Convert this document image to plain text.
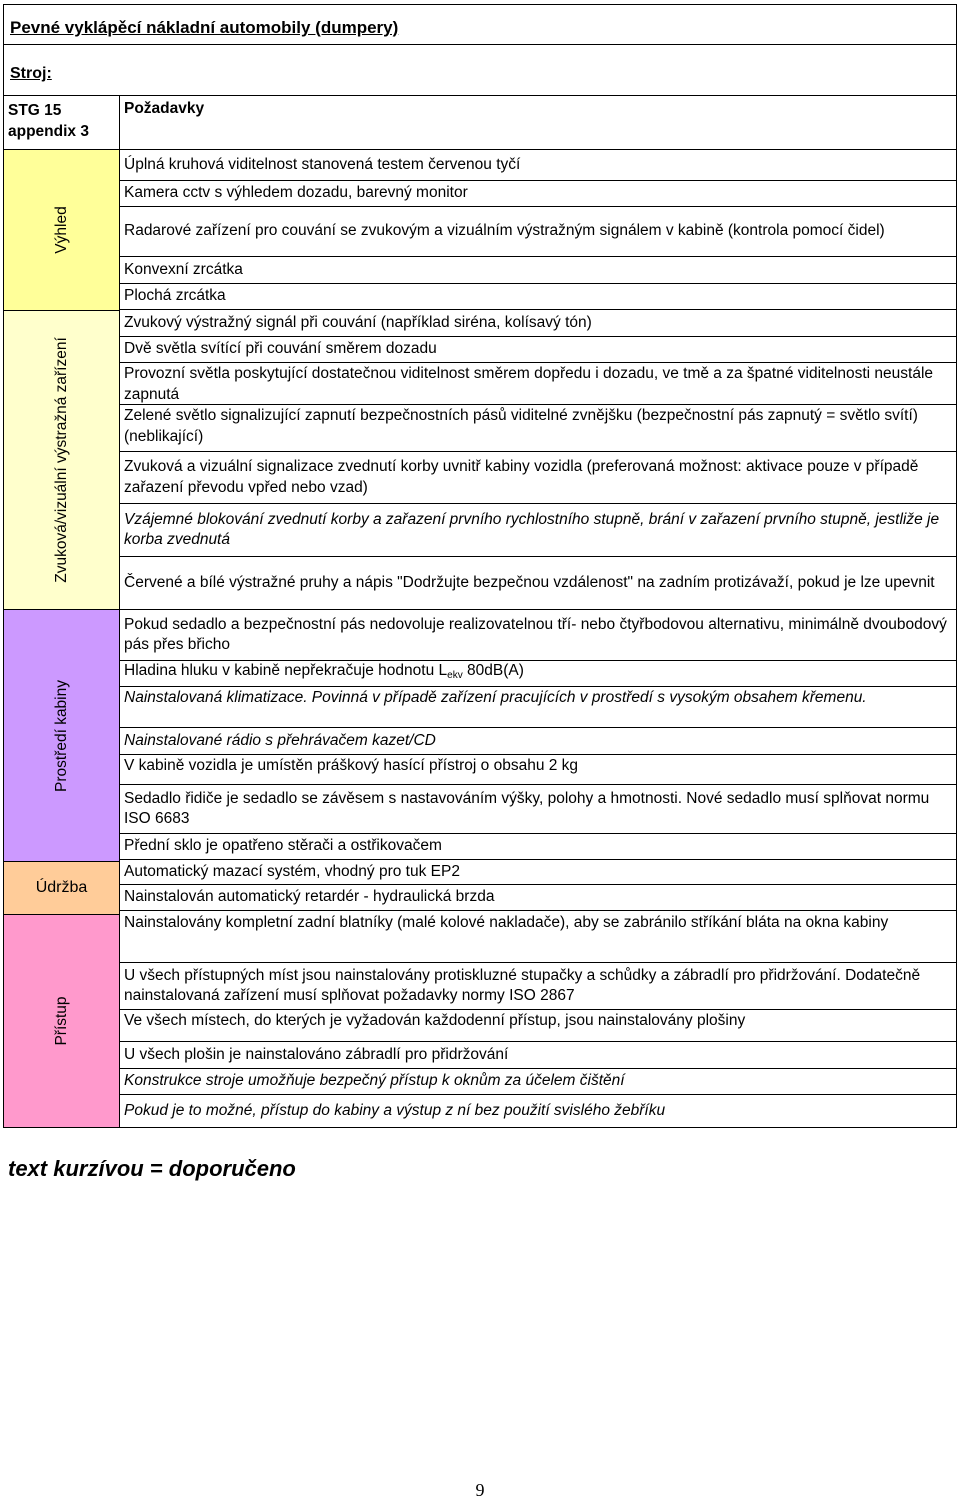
Pevné vyklápěcí nákladní automobily (dumpery)
Stroj:
STG 15 appendix 3
Požadavky
Výhled
Zvuková/vizuální výstražná zařízení
Prostředí kabiny
Údržba
Přístup
Úplná kruhová viditelnost stanovená testem červenou tyčí
Kamera cctv s výhledem dozadu, barevný monitor
Radarové zařízení pro couvání se zvukovým a vizuálním výstražným signálem v kabině (kontrola pomocí čidel)
Konvexní zrcátka
Plochá zrcátka
Zvukový výstražný signál při couvání (například siréna, kolísavý tón)
Dvě světla svítící při couvání směrem dozadu
Provozní světla poskytující dostatečnou viditelnost směrem dopředu i dozadu, ve tmě a za špatné viditelnosti neustále zapnutá
Zelené světlo signalizující zapnutí bezpečnostních pásů viditelné zvnějšku (bezpečnostní pás zapnutý = světlo svítí) (neblikající)
Zvuková a vizuální signalizace zvednutí korby uvnitř kabiny vozidla (preferovaná možnost: aktivace pouze v případě zařazení převodu vpřed nebo vzad)
Vzájemné blokování zvednutí korby a zařazení prvního rychlostního stupně, brání v zařazení prvního stupně, jestliže je korba zvednutá
Červené a bílé výstražné pruhy a nápis "Dodržujte bezpečnou vzdálenost" na zadním protizávaží, pokud je lze upevnit
Pokud sedadlo a bezpečnostní pás nedovoluje realizovatelnou tří- nebo čtyřbodovou alternativu, minimálně dvoubodový pás přes břicho
Hladina hluku v kabině nepřekračuje hodnotu $L_{ekv}$ 80dB(A)
Nainstalovaná klimatizace. Povinná v případě zařízení pracujících v prostředí s vysokým obsahem křemenu.
Nainstalované rádio s přehrávačem kazet/CD
V kabině vozidla je umístěn práškový hasící přístroj o obsahu 2 kg
Sedadlo řidiče je sedadlo se závěsem s nastavováním výšky, polohy a hmotnosti. Nové sedadlo musí splňovat normu ISO 6683
Přední sklo je opatřeno stěrači a ostřikovačem
Automatický mazací systém, vhodný pro tuk EP2
Nainstalován automatický retardér - hydraulická brzda
Nainstalovány kompletní zadní blatníky (malé kolové nakladače), aby se zabránilo stříkání bláta na okna kabiny
U všech přístupných míst jsou nainstalovány protiskluzné stupačky a schůdky a zábradlí pro přidržování. Dodatečně nainstalovaná zařízení musí splňovat požadavky normy ISO 2867
Ve všech místech, do kterých je vyžadován každodenní přístup, jsou nainstalovány plošiny
U všech plošin je nainstalováno zábradlí pro přidržování
Konstrukce stroje umožňuje bezpečný přístup k oknům za účelem čištění
Pokud je to možné, přístup do kabiny a výstup z ní bez použití svislého žebříku
text kurzívou = doporučeno
9
